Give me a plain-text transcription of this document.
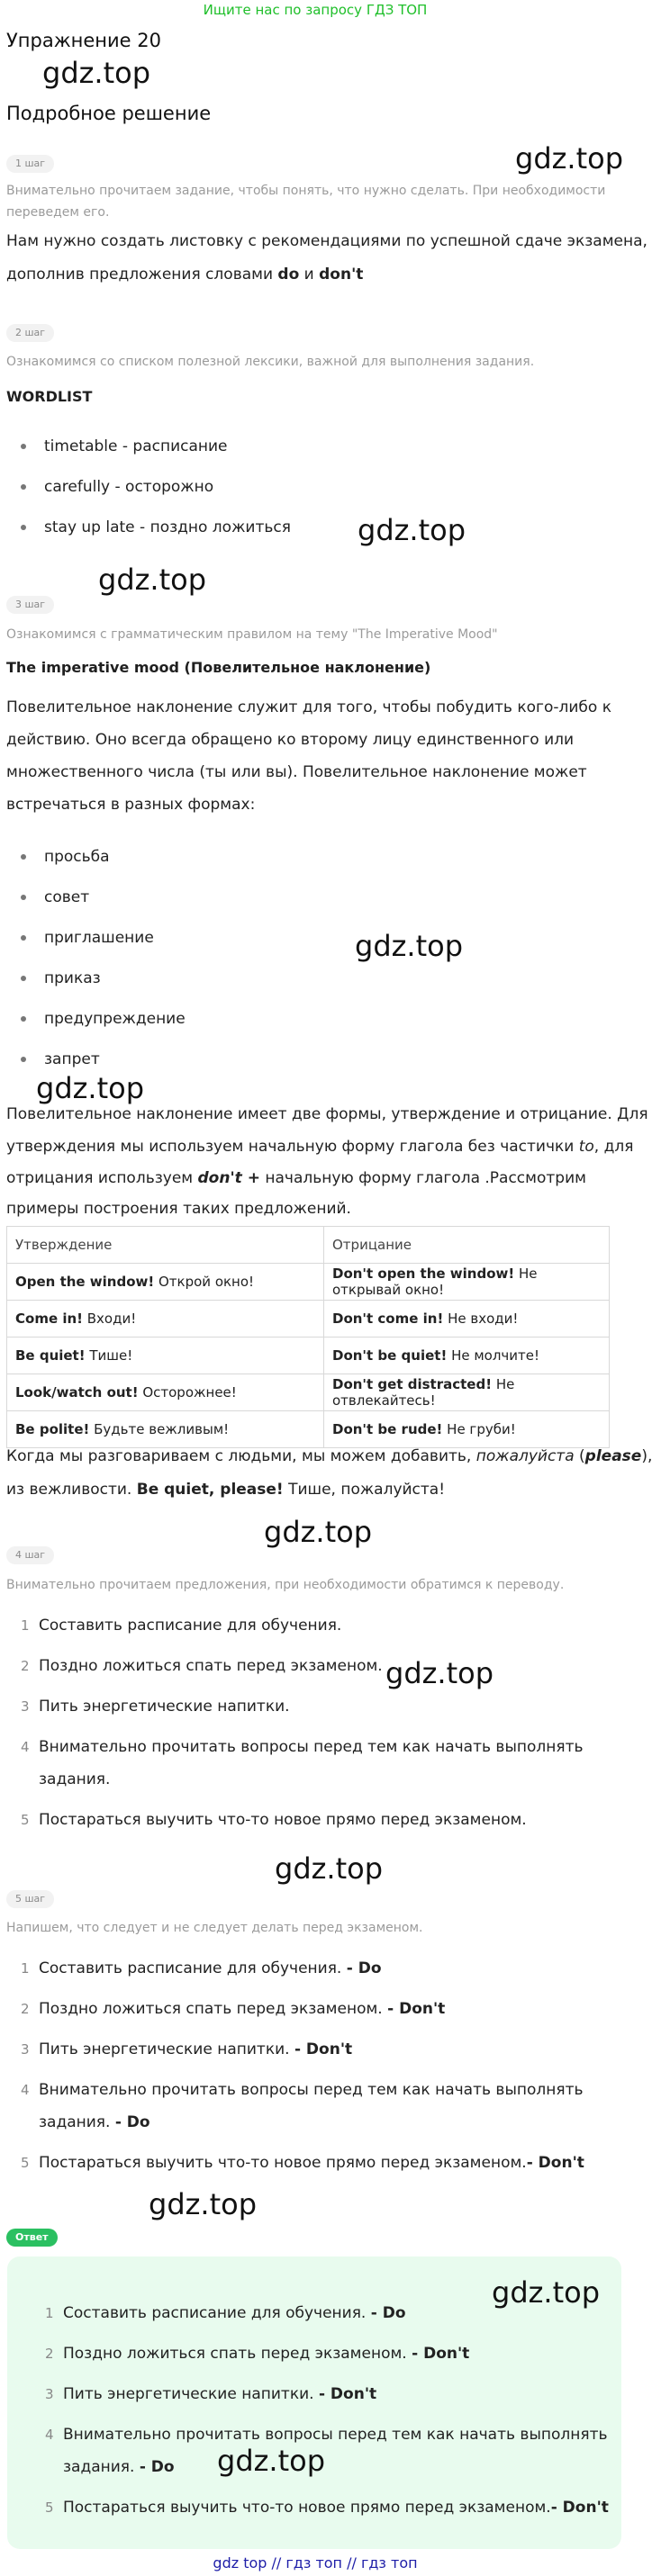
Ищите нас по запросу ГДЗ ТОП
Упражнение 20
gdz.top
Подробное решение
gdz.top
1 шаг
Внимательно прочитаем задание, чтобы понять, что нужно сделать. При необходимости переведем его.
Нам нужно создать листовку с рекомендациями по успешной сдаче экзамена,
дополнив предложения словами do и don't
2 шаг
Ознакомимся со списком полезной лексики, важной для выполнения задания.
WORDLIST
timetable - расписание
carefully - осторожно
stay up late - поздно ложиться gdz.top
gdz.top
3 шаг
Ознакомимся с грамматическим правилом на тему "The Imperative Mood"
The imperative mood (Повелительное наклонение)
Повелительное наклонение служит для того, чтобы побудить кого-либо к
действию. Оно всегда обращено ко второму лицу единственного или
множественного числа (ты или вы). Повелительное наклонение может
встречаться в разных формах:
просьба
совет
приглашение
приказ
предупреждение
запрет
gdz.top
gdz.top
Повелительное наклонение имеет две формы, утверждение и отрицание. Для
утверждения мы используем начальную форму глагола без частички to, для
отрицания используем don't + начальную форму глагола .Рассмотрим
примеры построения таких предложений.
Утверждение	Отрицание
Open the window! Открой окно!	Don't open the window! Не открывай окно!
Come in! Входи!	Don't come in! Не входи!
Be quiet! Тише!	Don't be quiet! Не молчите!
Look/watch out! Осторожнее!	Don't get distracted! Не отвлекайтесь!
Be polite! Будьте вежливым!	Don't be rude! Не груби!
Когда мы разговариваем с людьми, мы можем добавить, пожалуйста (please),
из вежливости. Be quiet, please! Тише, пожалуйста!
gdz.top
4 шаг
Внимательно прочитаем предложения, при необходимости обратимся к переводу.
1 Составить расписание для обучения.
2 Поздно ложиться спать перед экзаменом.
3 Пить энергетические напитки.
4 Внимательно прочитать вопросы перед тем как начать выполнять
задания.
5 Постараться выучить что-то новое прямо перед экзаменом.
gdz.top
gdz.top
5 шаг
Напишем, что следует и не следует делать перед экзаменом.
1 Составить расписание для обучения. - Do
2 Поздно ложиться спать перед экзаменом. - Don't
3 Пить энергетические напитки. - Don't
4 Внимательно прочитать вопросы перед тем как начать выполнять
задания. - Do
5 Постараться выучить что-то новое прямо перед экзаменом.- Don't
gdz.top
Ответ
1 Составить расписание для обучения. - Do
2 Поздно ложиться спать перед экзаменом. - Don't
3 Пить энергетические напитки. - Don't
4 Внимательно прочитать вопросы перед тем как начать выполнять
задания. - Do
5 Постараться выучить что-то новое прямо перед экзаменом.- Don't
gdz.top
gdz.top
gdz top // гдз топ // гдз топ
